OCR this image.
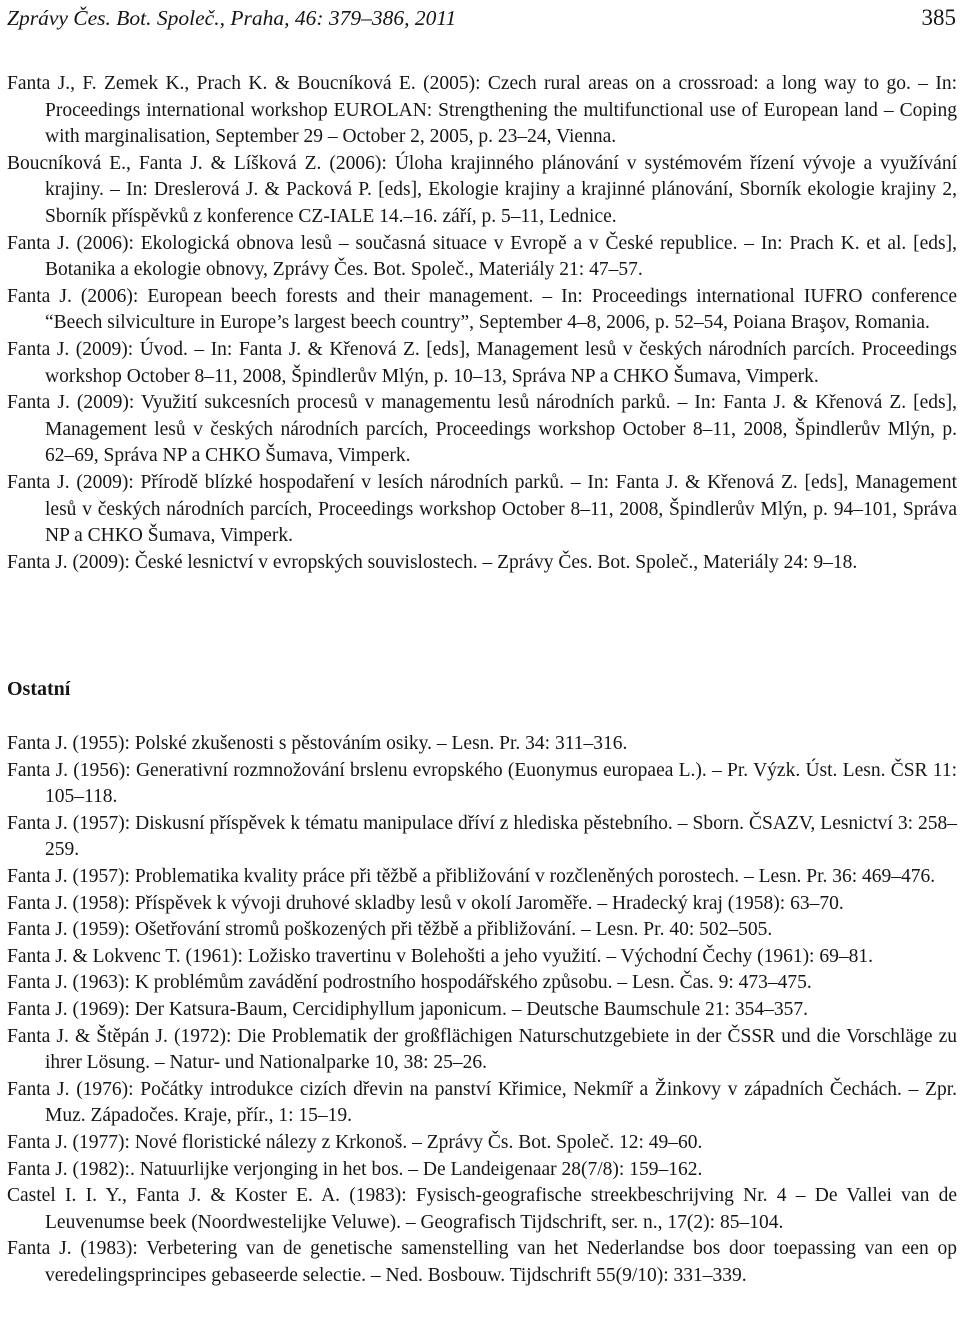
Zprávy Čes. Bot. Společ., Praha, 46: 379–386, 2011	385
Fanta J., F. Zemek K., Prach K. & Boucníková E. (2005): Czech rural areas on a crossroad: a long way to go. – In: Proceedings international workshop EUROLAN: Strengthening the multifunctional use of European land – Coping with marginalisation, September 29 – October 2, 2005, p. 23–24, Vienna.
Boucníková E., Fanta J. & Líšková Z. (2006): Úloha krajinného plánování v systémovém řízení vývoje a využívání krajiny. – In: Dreslerová J. & Packová P. [eds], Ekologie krajiny a krajinné plánování, Sborník ekologie krajiny 2, Sborník příspěvků z konference CZ-IALE 14.–16. září, p. 5–11, Lednice.
Fanta J. (2006): Ekologická obnova lesů – současná situace v Evropě a v České republice. – In: Prach K. et al. [eds], Botanika a ekologie obnovy, Zprávy Čes. Bot. Společ., Materiály 21: 47–57.
Fanta J. (2006): European beech forests and their management. – In: Proceedings international IUFRO conference “Beech silviculture in Europe’s largest beech country”, September 4–8, 2006, p. 52–54, Poiana Braşov, Romania.
Fanta J. (2009): Úvod. – In: Fanta J. & Křenová Z. [eds], Management lesů v českých národních parcích. Proceedings workshop October 8–11, 2008, Špindlerův Mlýn, p. 10–13, Správa NP a CHKO Šumava, Vimperk.
Fanta J. (2009): Využití sukcesních procesů v managementu lesů národních parků. – In: Fanta J. & Křenová Z. [eds], Management lesů v českých národních parcích, Proceedings workshop October 8–11, 2008, Špindlerův Mlýn, p. 62–69, Správa NP a CHKO Šumava, Vimperk.
Fanta J. (2009): Přírodě blízké hospodaření v lesích národních parků. – In: Fanta J. & Křenová Z. [eds], Management lesů v českých národních parcích, Proceedings workshop October 8–11, 2008, Špindlerův Mlýn, p. 94–101, Správa NP a CHKO Šumava, Vimperk.
Fanta J. (2009): České lesnictví v evropských souvislostech. – Zprávy Čes. Bot. Společ., Materiály 24: 9–18.
Ostatní
Fanta J. (1955): Polské zkušenosti s pěstováním osiky. – Lesn. Pr. 34: 311–316.
Fanta J. (1956): Generativní rozmnožování brslenu evropského (Euonymus europaea L.). – Pr. Výzk. Úst. Lesn. ČSR 11: 105–118.
Fanta J. (1957): Diskusní příspěvek k tématu manipulace dříví z hlediska pěstebního. – Sborn. ČSAZV, Lesnictví 3: 258–259.
Fanta J. (1957): Problematika kvality práce při těžbě a přibližování v rozčleněných porostech. – Lesn. Pr. 36: 469–476.
Fanta J. (1958): Příspěvek k vývoji druhové skladby lesů v okolí Jaroměře. – Hradecký kraj (1958): 63–70.
Fanta J. (1959): Ošetřování stromů poškozených při těžbě a přibližování. – Lesn. Pr. 40: 502–505.
Fanta J. & Lokvenc T. (1961): Ložisko travertinu v Bolehošti a jeho využití. – Východní Čechy (1961): 69–81.
Fanta J. (1963): K problémům zavádění podrostního hospodářského způsobu. – Lesn. Čas. 9: 473–475.
Fanta J. (1969): Der Katsura-Baum, Cercidiphyllum japonicum. – Deutsche Baumschule 21: 354–357.
Fanta J. & Štěpán J. (1972): Die Problematik der großflächigen Naturschutzgebiete in der ČSSR und die Vorschläge zu ihrer Lösung. – Natur- und Nationalparke 10, 38: 25–26.
Fanta J. (1976): Počátky introdukce cizích dřevin na panství Křimice, Nekmíř a Žinkovy v západních Čechách. – Zpr. Muz. Západočes. Kraje, přír., 1: 15–19.
Fanta J. (1977): Nové floristické nálezy z Krkonoš. – Zprávy Čs. Bot. Společ. 12: 49–60.
Fanta J. (1982):. Natuurlijke verjonging in het bos. – De Landeigenaar 28(7/8): 159–162.
Castel I. I. Y., Fanta J. & Koster E. A. (1983): Fysisch-geografische streekbeschrijving Nr. 4 – De Vallei van de Leuvenumse beek (Noordwestelijke Veluwe). – Geografisch Tijdschrift, ser. n., 17(2): 85–104.
Fanta J. (1983): Verbetering van de genetische samenstelling van het Nederlandse bos door toepassing van een op veredelingsprincipes gebaseerde selectie. – Ned. Bosbouw. Tijdschrift 55(9/10): 331–339.
